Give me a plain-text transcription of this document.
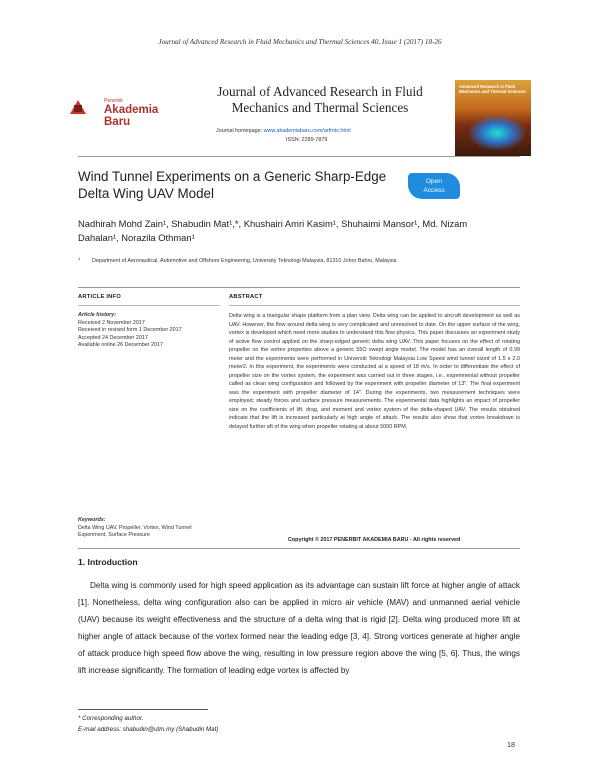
Journal of Advanced Research in Fluid Mechanics and Thermal Sciences 40, Issue 1 (2017) 18-26
Penerbit
Akademia Baru
Journal of Advanced Research in Fluid Mechanics and Thermal Sciences
Journal homepage: www.akademiabaru.com/arfmts.html
ISSN: 2289-7879
Advanced Research in Fluid Mechanics and Thermal Sciences
Wind Tunnel Experiments on a Generic Sharp-Edge Delta Wing UAV Model
Open
Access
Nadhirah Mohd Zain¹, Shabudin Mat¹,*, Khushairi Amri Kasim¹, Shuhaimi Mansor¹, Md. Nizam
Dahalan¹, Norazila Othman¹
1 Department of Aeronautical, Automotive and Offshore Engineering, University Teknologi Malaysia, 81310 Johor Bahru, Malaysia
ARTICLE INFO	ABSTRACT
Article history:
Received 2 November 2017
Received in revised form 1 December 2017
Accepted 24 December 2017
Available online 26 December 2017
Delta wing is a triangular shape platform from a plan view. Delta wing can be applied to aircraft development as well as UAV. However, the flow around delta wing is very complicated and unresolved to date. On the upper surface of the wing, vortex is developed which need more studies to understand this flow physics. This paper discusses an experiment study of active flow control applied on the sharp-edged generic delta wing UAV. This paper focuses on the effect of rotating propeller on the vortex properties above a generic 55O swept angle model. The model has an overall length of 0.99 meter and the experiments were performed in Universiti Teknologi Malaysia Low Speed wind tunnel sized of 1.5 x 2.0 meter2. In this experiment, the experiments were conducted at a speed of 18 m/s. In order to differentiate the effect of propeller size on the vortex system, the experiment was carried out in three stages, i.e., experimental without propeller called as clean wing configuration and followed by the experiment with propeller diameter of 13". The final experiment was the experiment with propeller diameter of 14". During the experiments, two measurement techniques were employed; steady forces and surface pressure measurements. The experimental data highlights an impact of propeller size on the coefficients of lift, drag, and moment and vortex system of the delta-shaped UAV. The results obtained indicate that the lift is increased particularly at high angle of attack. The results also show that vortex breakdown is delayed further aft of the wing when propeller rotating at about 5000 RPM.
Keywords:
Delta Wing UAV, Propeller, Vortex, Wind Tunnel Experiment, Surface Pressure
Copyright © 2017 PENERBIT AKADEMIA BARU - All rights reserved
1. Introduction
Delta wing is commonly used for high speed application as its advantage can sustain lift force at higher angle of attack [1]. Nonetheless, delta wing configuration also can be applied in micro air vehicle (MAV) and unmanned aerial vehicle (UAV) because its weight effectiveness and the structure of a delta wing that is rigid [2]. Delta wing produced more lift at higher angle of attack because of the vortex formed near the leading edge [3, 4]. Strong vortices generate at higher angle of attack produce high speed flow above the wing, resulting in low pressure region above the wing [5, 6]. Thus, the wings lift increase significantly. The formation of leading edge vortex is affected by
* Corresponding author.
E-mail address: shabudin@utm.my (Shabudin Mat)
18
